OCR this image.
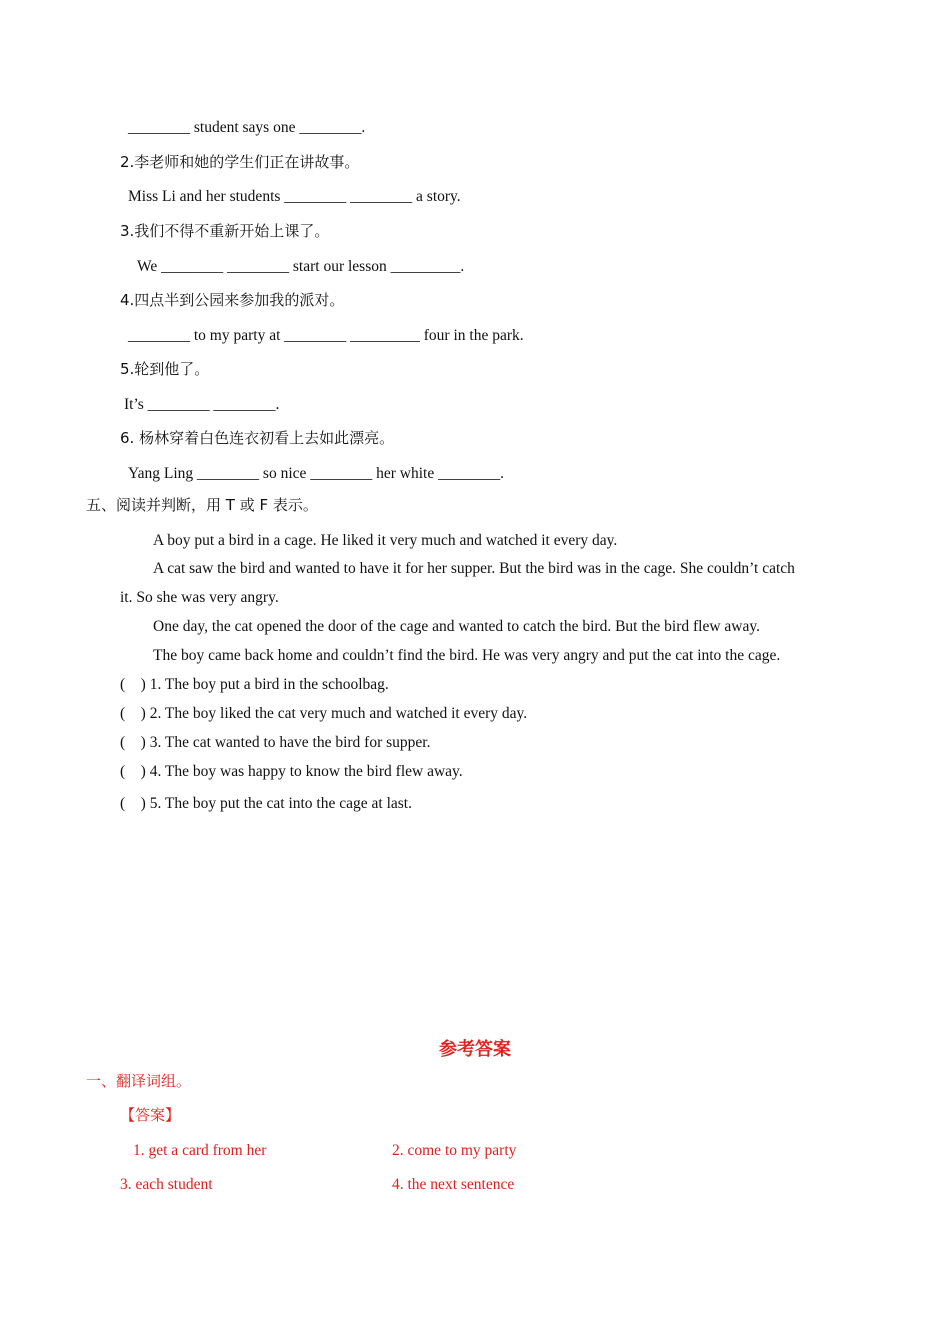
________ student says one ________.
2.李老师和她的学生们正在讲故事。
Miss Li and her students ________ ________ a story.
3.我们不得不重新开始上课了。
We ________ ________ start our lesson _________.
4.四点半到公园来参加我的派对。
________ to my party at ________ _________ four in the park.
5.轮到他了。
It’s ________ ________.
6. 杨林穿着白色连衣初看上去如此漂亮。
Yang Ling ________ so nice ________ her white ________.
五、阅读并判断，用 T 或 F 表示。
A boy put a bird in a cage. He liked it very much and watched it every day.
A cat saw the bird and wanted to have it for her supper. But the bird was in the cage. She couldn’t catch
it. So she was very angry.
One day, the cat opened the door of the cage and wanted to catch the bird. But the bird flew away.
The boy came back home and couldn’t find the bird. He was very angry and put the cat into the cage.
(    ) 1. The boy put a bird in the schoolbag.
(    ) 2. The boy liked the cat very much and watched it every day.
(    ) 3. The cat wanted to have the bird for supper.
(    ) 4. The boy was happy to know the bird flew away.
(    ) 5. The boy put the cat into the cage at last.
参考答案
一、翻译词组。
【答案】
1. get a card from her	2. come to my party
3. each student	4. the next sentence
